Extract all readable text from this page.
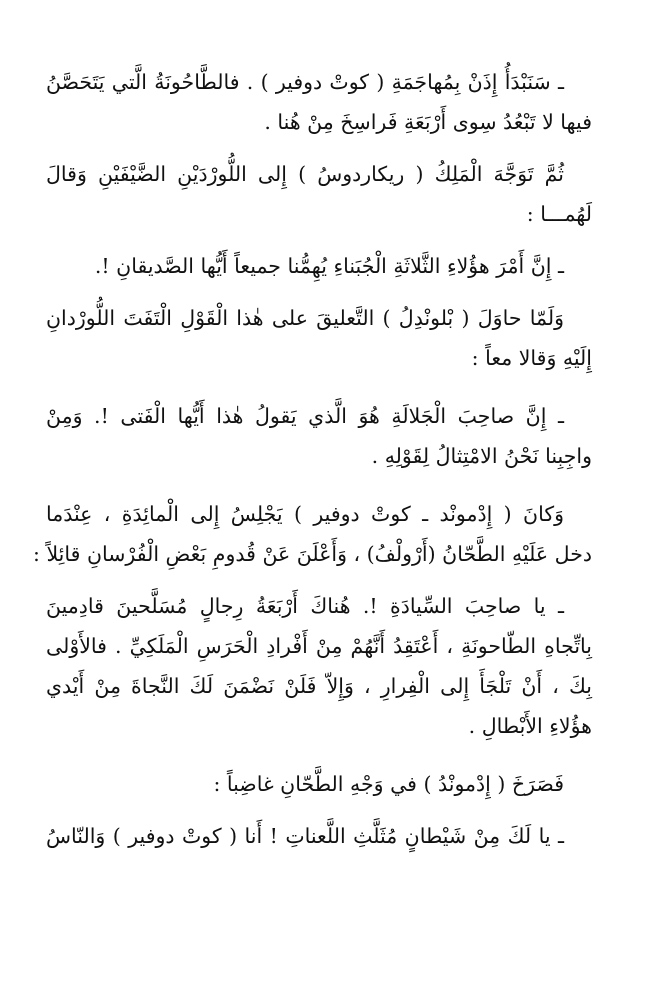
ـ سَنَبْدَأُ إِذَنْ بِمُهاجَمَةِ ( كوتْ دوفير ) . فالطَّاحُونَةُ الَّتي يَتَحَصَّنُ
فيها لا تَبْعُدُ سِوى أَرْبَعَةِ فَراسِخَ مِنْ هُنا .
ثُمَّ تَوَجَّهَ الْمَلِكُ ( ريكاردوسُ ) إِلى اللُّورْدَيْنِ الضَّيْفَيْنِ وَقالَ
لَهُمـــا :
ـ إِنَّ أَمْرَ هؤُلاءِ الثَّلاثَةِ الْجُبَناءِ يُهِمُّنا جميعاً أَيُّها الصَّديقانِ !.
وَلَمّا حاوَلَ ( بْلونْدِلُ ) التَّعليقَ على هٰذا الْقَوْلِ الْتَفَتَ اللُّورْدانِ
إِلَيْهِ وَقالا معاً :
ـ إِنَّ صاحِبَ الْجَلالَةِ هُوَ الَّذي يَقولُ هٰذا أَيُّها الْفَتى !. وَمِنْ
واجِبِنا نَحْنُ الامْتِثالُ لِقَوْلِهِ .
وَكانَ ( إِدْمونْد ـ كوتْ دوفير ) يَجْلِسُ إِلى الْمائِدَةِ ، عِنْدَما
دخل عَلَيْهِ الطَّحّانُ (أَرْولْفُ) ، وَأَعْلَنَ عَنْ قُدومِ بَعْضِ الْفُرْسانِ قائِلاً :
ـ يا صاحِبَ السِّيادَةِ !. هُناكَ أَرْبَعَةُ رِجالٍ مُسَلَّحينَ قادِمينَ
بِاتِّجاهِ الطّاحونَةِ ، أَعْتَقِدُ أَنَّهُمْ مِنْ أَفْرادِ الْحَرَسِ الْمَلَكِيِّ . فالأَوْلى
بِكَ ، أَنْ تَلْجَأَ إِلى الْفِرارِ ، وَإِلاّ فَلَنْ نَضْمَنَ لَكَ النَّجاةَ مِنْ أَيْدي
هؤُلاءِ الأَبْطالِ .
فَصَرَخَ ( إِدْمونْدُ ) في وَجْهِ الطَّحّانِ غاضِباً :
ـ يا لَكَ مِنْ شَيْطانٍ مُثَلَّثِ اللَّعناتِ ! أَنا ( كوتْ دوفير ) وَالنّاسُ
